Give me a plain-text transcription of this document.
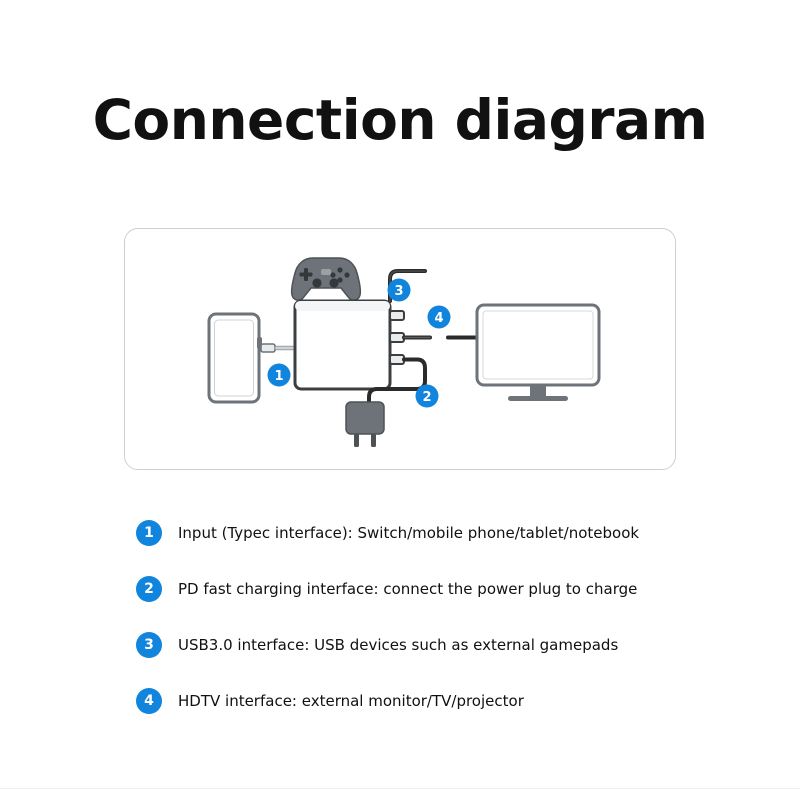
Connection diagram
1
2
3
4
1	Input (Typec interface): Switch/mobile phone/tablet/notebook
2	PD fast charging interface: connect the power plug to charge
3	USB3.0 interface: USB devices such as external gamepads
4	HDTV interface: external monitor/TV/projector
